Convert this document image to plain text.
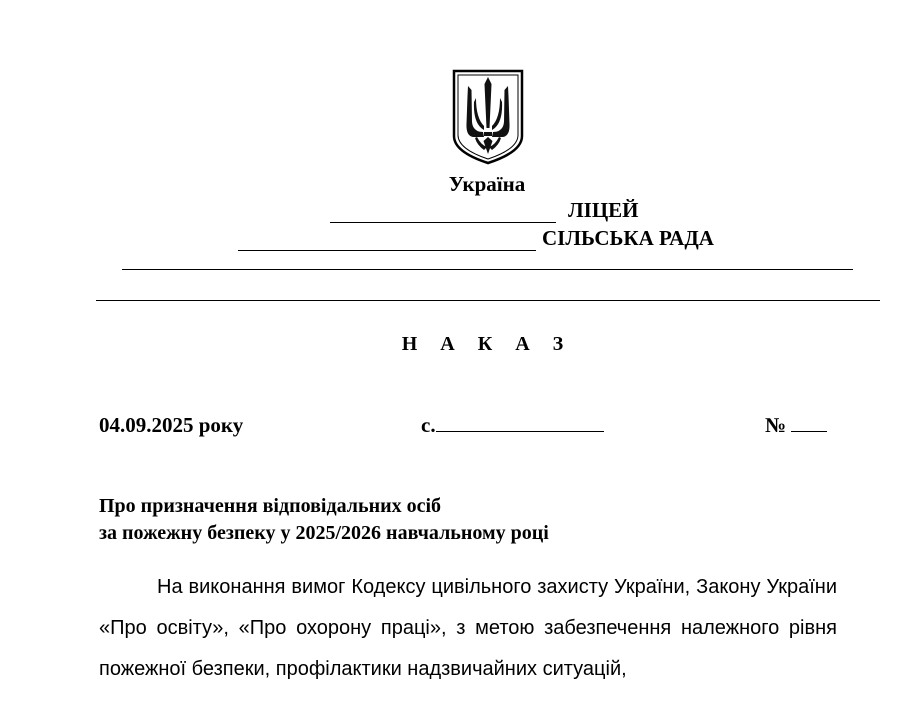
Україна
ЛІЦЕЙ
СІЛЬСЬКА РАДА
Н А К А З
04.09.2025 року	с.	№
Про призначення відповідальних осіб
за пожежну безпеку у 2025/2026 навчальному році

На виконання вимог Кодексу цивільного захисту України, Закону України «Про освіту», «Про охорону праці», з метою забезпечення належного рівня пожежної безпеки, профілактики надзвичайних ситуацій,
